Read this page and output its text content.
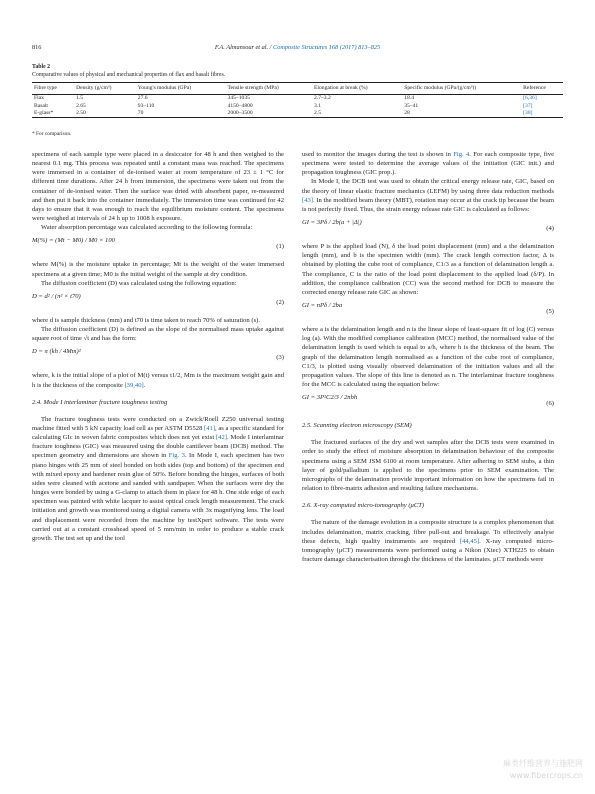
816	F.A. Almansour et al. / Composite Structures 168 (2017) 813–825
Table 2
Comparative values of physical and mechanical properties of flax and basalt fibres.
Fibre type	Density (g/cm³)	Young's modulus (GPa)	Tensile strength (MPa)	Elongation at break (%)	Specific modulus (GPa/(g/cm³))	Reference
Flax	1.5	27.6	345–1035	2.7–3.2	18.4	[6,36]
Basalt	2.65	93–110	4150–4800	3.1	35–41	[37]
E-glass*	2.50	70	2000–3500	2.5	28	[38]
* For comparison.

specimens of each sample type were placed in a desiccator for 48 h and then weighed to the nearest 0.1 mg. This process was repeated until a constant mass was reached. The specimens were immersed in a container of de-ionised water at room temperature of 23 ± 1 °C for different time durations. After 24 h from immersion, the specimens were taken out from the container of de-ionised water. Then the surface was dried with absorbent paper, re-measured and then put it back into the container immediately. The immersion time was continued for 42 days to ensure that it was enough to reach the equilibrium moisture content. The specimens were weighed at intervals of 24 h up to 1008 h exposure.

Water absorption percentage was calculated according to the following formula:

M(%) = (Mt − M0) / M0 × 100
(1)

where M(%) is the moisture uptake in percentage; Mt is the weight of the water immersed specimens at a given time; M0 is the initial weight of the sample at dry condition.

The diffusion coefficient (D) was calculated using the following equation:

D = d² / (π² × t70)
(2)

where d is sample thickness (mm) and t70 is time taken to reach 70% of saturation (s).

The diffusion coefficient (D) is defined as the slope of the normalised mass uptake against square root of time √t and has the form:

D = π (kh / 4Mm)²
(3)

where, k is the initial slope of a plot of M(t) versus t1/2, Mm is the maximum weight gain and h is the thickness of the composite [39,40].

2.4. Mode I interlaminar fracture toughness testing

The fracture toughness tests were conducted on a Zwick/Roell Z250 universal testing machine fitted with 5 kN capacity load cell as per ASTM D5528 [41], as a specific standard for calculating GIc in woven fabric composites which does not yet exist [42]. Mode I interlaminar fracture toughness (GIC) was measured using the double cantilever beam (DCB) method. The specimen geometry and dimensions are shown in Fig. 3. In Mode I, each specimen has two piano hinges with 25 mm of steel bonded on both sides (top and bottom) of the specimen end with mixed epoxy and hardener resin glue of 50%. Before bonding the hinges, surfaces of both sides were cleaned with acetone and sanded with sandpaper. When the surfaces were dry the hinges were bonded by using a G-clamp to attach them in place for 48 h. One side edge of each specimen was painted with white lacquer to assist optical crack length measurement. The crack initiation and growth was monitored using a digital camera with 3x magnifying lens. The load and displacement were recorded from the machine by testXpert software. The tests were carried out at a constant crosshead speed of 5 mm/min in order to produce a stable crack growth. The test set up and the tool

used to monitor the images during the test is shown in Fig. 4. For each composite type, five specimens were tested to determine the average values of the initiation (GIC init.) and propagation toughness (GIC prop.).

In Mode I, the DCB test was used to obtain the critical energy release rate, GIC, based on the theory of linear elastic fracture mechanics (LEFM) by using three data reduction methods [43]. In the modified beam theory (MBT), rotation may occur at the crack tip because the beam is not perfectly fixed. Thus, the strain energy release rate GIC is calculated as follows:

GI = 3Pδ / 2b(a + |Δ|)
(4)

where P is the applied load (N), δ the load point displacement (mm) and a the delamination length (mm), and b is the specimen width (mm). The crack length correction factor, Δ is obtained by plotting the cube root of compliance, C1/3 as a function of delamination length a. The compliance, C is the ratio of the load point displacement to the applied load (δ/P). In addition, the compliance calibration (CC) was the second method for DCB to measure the corrected energy release rate GIC as shown:

GI = nPδ / 2ba
(5)

where a is the delamination length and n is the linear slope of least-square fit of log (C) versus log (a). With the modified compliance calibration (MCC) method, the normalised value of the delamination length is used which is equal to a/h, where h is the thickness of the beam. The graph of the delamination length normalised as a function of the cube root of compliance, C1/3, is plotted using visually observed delamination of the initiation values and all the propagation values. The slope of this line is denoted as n. The interlaminar fracture toughness for the MCC is calculated using the equation below:

GI = 3P²C2/3 / 2nbh
(6)
2.5. Scanning electron microscopy (SEM)

The fractured surfaces of the dry and wet samples after the DCB tests were examined in order to study the effect of moisture absorption in delamination behaviour of the composite specimens using a SEM JSM 6100 at room temperature. After adhering to SEM stubs, a thin layer of gold/palladium is applied to the specimens prior to SEM examination. The micrographs of the delamination provide important information on how the specimens fail in relation to fibre-matrix adhesion and resulting failure mechanisms.

2.6. X-ray computed micro-tomography (μCT)

The nature of the damage evolution in a composite structure is a complex phenomenon that includes delamination, matrix cracking, fibre pull-out and breakage. To effectively analyse these defects, high quality instruments are required [44,45]. X-ray computed micro-tomography (μCT) measurements were performed using a Nikon (Xtec) XTH225 to obtain fracture damage characterisation through the thickness of the laminates. μCT methods were

麻类纤维营养与施肥网
www.fibercrops.cn
